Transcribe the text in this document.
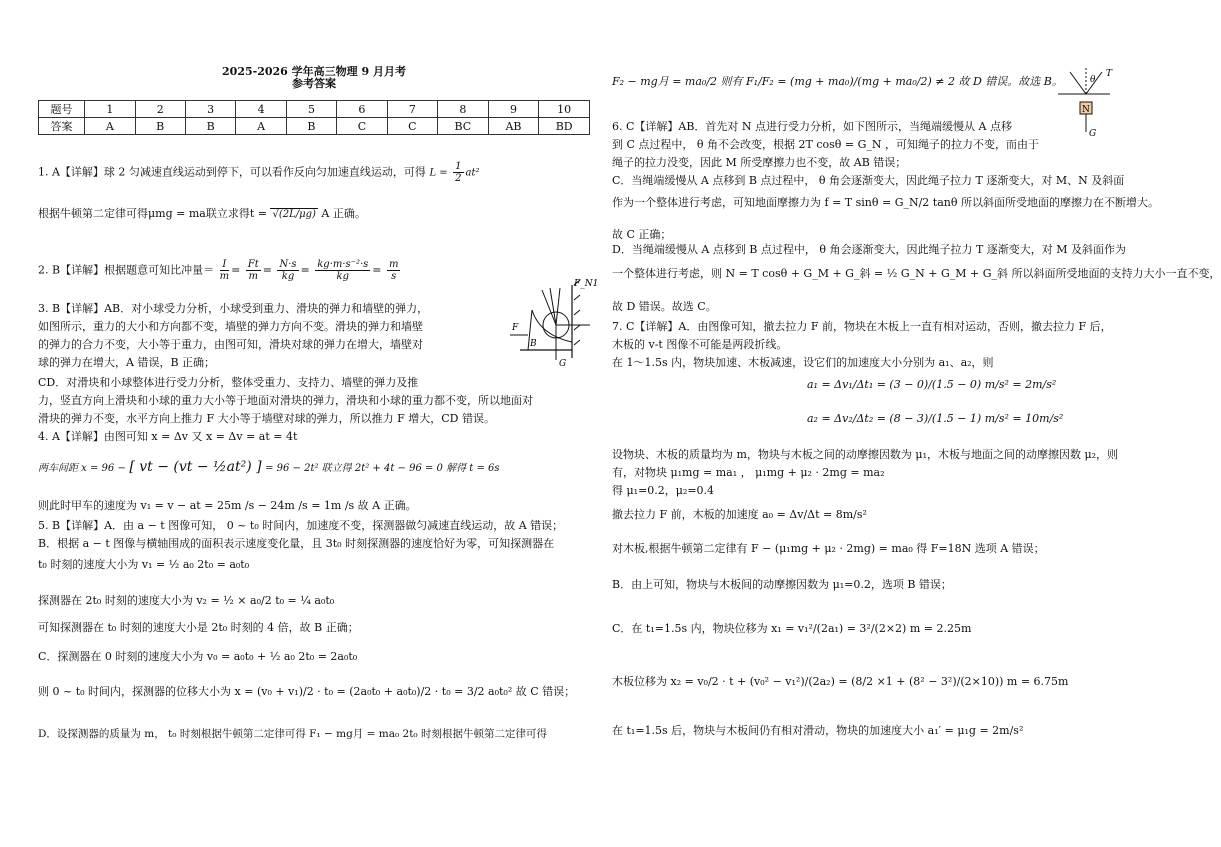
2025-2026 学年高三物理 9 月月考
参考答案
题号	1	2	3	4	5	6	7	8	9	10
答案	A	B	B	A	B	C	C	BC	AB	BD
1. A【详解】球 2 匀减速直线运动到停下，可以看作反向匀加速直线运动，可得 $L = \frac{1}{2} at^2$
根据牛顿第二定律可得μmg = ma联立求得t = √(2L/μg) A 正确。
2. B【详解】根据题意可知比冲量＝ $\frac{I}{m} = \frac{Ft}{m} = \frac{N\cdot s}{kg} = \frac{\text{kg·m·s⁻²·s}}{kg} = \frac{m}{s}$
3. B【详解】AB．对小球受力分析，小球受到重力、滑块的弹力和墙壁的弹力，
如图所示，重力的大小和方向都不变，墙壁的弹力方向不变。滑块的弹力和墙壁
的弹力的合力不变，大小等于重力，由图可知，滑块对球的弹力在增大，墙壁对
球的弹力在增大，A 错误，B 正确；
CD．对滑块和小球整体进行受力分析，整体受重力、支持力、墙壁的弹力及推
力，竖直方向上滑块和小球的重力大小等于地面对滑块的弹力，滑块和小球的重力都不变，所以地面对
滑块的弹力不变，水平方向上推力 F 大小等于墙壁对球的弹力，所以推力 F 增大，CD 错误。
4. A【详解】由图可知 x = Δv 又 x = Δv = at = 4t
两车间距 x = 96 − [ vt − (vt − ½at²) ] = 96 − 2t² 联立得 2t² + 4t − 96 = 0 解得 t = 6s
则此时甲车的速度为 v₁ = v − at = 25m /s − 24m /s = 1m /s 故 A 正确。
5. B【详解】A．由 a − t 图像可知， 0 ~ t₀ 时间内，加速度不变，探测器做匀减速直线运动，故 A 错误；
B．根据 a − t 图像与横轴围成的面积表示速度变化量，且 3t₀ 时刻探测器的速度恰好为零，可知探测器在
t₀ 时刻的速度大小为 v₁ = ½ a₀ 2t₀ = a₀t₀
探测器在 2t₀ 时刻的速度大小为 v₂ = ½ × a₀/2 t₀ = ¼ a₀t₀
可知探测器在 t₀ 时刻的速度大小是 2t₀ 时刻的 4 倍，故 B 正确；
C．探测器在 0 时刻的速度大小为 v₀ = a₀t₀ + ½ a₀ 2t₀ = 2a₀t₀
则 0 ~ t₀ 时间内，探测器的位移大小为 x = (v₀ + v₁)/2 · t₀ = (2a₀t₀ + a₀t₀)/2 · t₀ = 3/2 a₀t₀² 故 C 错误；
D．设探测器的质量为 m， t₀ 时刻根据牛顿第二定律可得 F₁ − mg月 = ma₀ 2t₀ 时刻根据牛顿第二定律可得
F_N1
F
B
G
F₂ − mg月 = ma₀/2 则有 F₁/F₂ = (mg + ma₀)/(mg + ma₀/2) ≠ 2 故 D 错误。故选 B。
6. C【详解】AB．首先对 N 点进行受力分析，如下图所示，当绳端缓慢从 A 点移
到 C 点过程中， θ 角不会改变，根据 2T cosθ = G_N ，可知绳子的拉力不变，而由于
绳子的拉力没变，因此 M 所受摩擦力也不变，故 AB 错误；
C．当绳端缓慢从 A 点移到 B 点过程中， θ 角会逐渐变大，因此绳子拉力 T 逐渐变大，对 M、N 及斜面
作为一个整体进行考虑，可知地面摩擦力为 f = T sinθ = G_N/2 tanθ 所以斜面所受地面的摩擦力在不断增大。
故 C 正确；
D．当绳端缓慢从 A 点移到 B 点过程中， θ 角会逐渐变大，因此绳子拉力 T 逐渐变大，对 M 及斜面作为
一个整体进行考虑，则 N = T cosθ + G_M + G_斜 = ½ G_N + G_M + G_斜 所以斜面所受地面的支持力大小一直不变，
故 D 错误。故选 C。
7. C【详解】A．由图像可知，撤去拉力 F 前，物块在木板上一直有相对运动，否则，撤去拉力 F 后，
木板的 v-t 图像不可能是两段折线。
在 1～1.5s 内，物块加速、木板减速，设它们的加速度大小分别为 a₁、a₂，则
a₁ = Δv₁/Δt₁ = (3 − 0)/(1.5 − 0) m/s² = 2m/s²
a₂ = Δv₂/Δt₂ = (8 − 3)/(1.5 − 1) m/s² = 10m/s²
设物块、木板的质量均为 m，物块与木板之间的动摩擦因数为 μ₁，木板与地面之间的动摩擦因数 μ₂，则
有，对物块 μ₁mg = ma₁ ， μ₁mg + μ₂ · 2mg = ma₂
得 μ₁=0.2，μ₂=0.4
撤去拉力 F 前，木板的加速度 a₀ = Δv/Δt = 8m/s²
对木板,根据牛顿第二定律有 F − (μ₁mg + μ₂ · 2mg) = ma₀ 得 F=18N 选项 A 错误；
B．由上可知，物块与木板间的动摩擦因数为 μ₁=0.2，选项 B 错误；
C．在 t₁=1.5s 内，物块位移为 x₁ = v₁²/(2a₁) = 3²/(2×2) m = 2.25m
木板位移为 x₂ = v₀/2 · t + (v₀² − v₁²)/(2a₂) = (8/2 ×1 + (8² − 3²)/(2×10)) m = 6.75m
在 t₁=1.5s 后，物块与木板间仍有相对滑动，物块的加速度大小 a₁′ = μ₁g = 2m/s²
θ
T
N
G
